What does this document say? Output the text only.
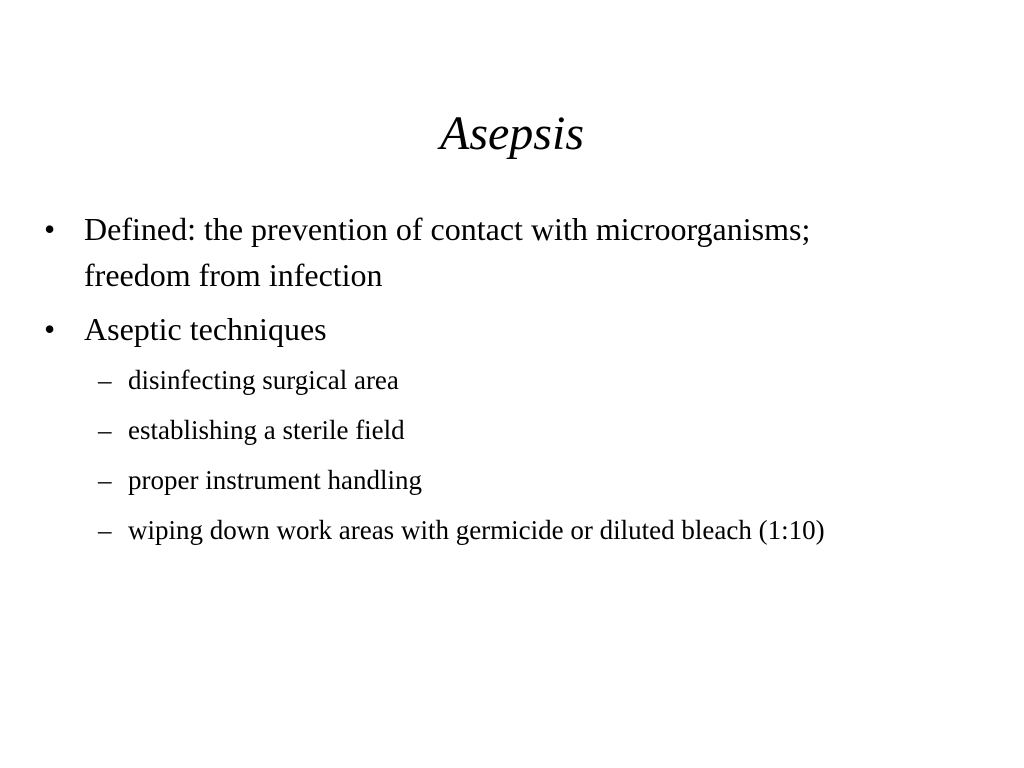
Asepsis
• Defined: the prevention of contact with microorganisms; freedom from infection
• Aseptic techniques
– disinfecting surgical area
– establishing a sterile field
– proper instrument handling
– wiping down work areas with germicide or diluted bleach (1:10)
